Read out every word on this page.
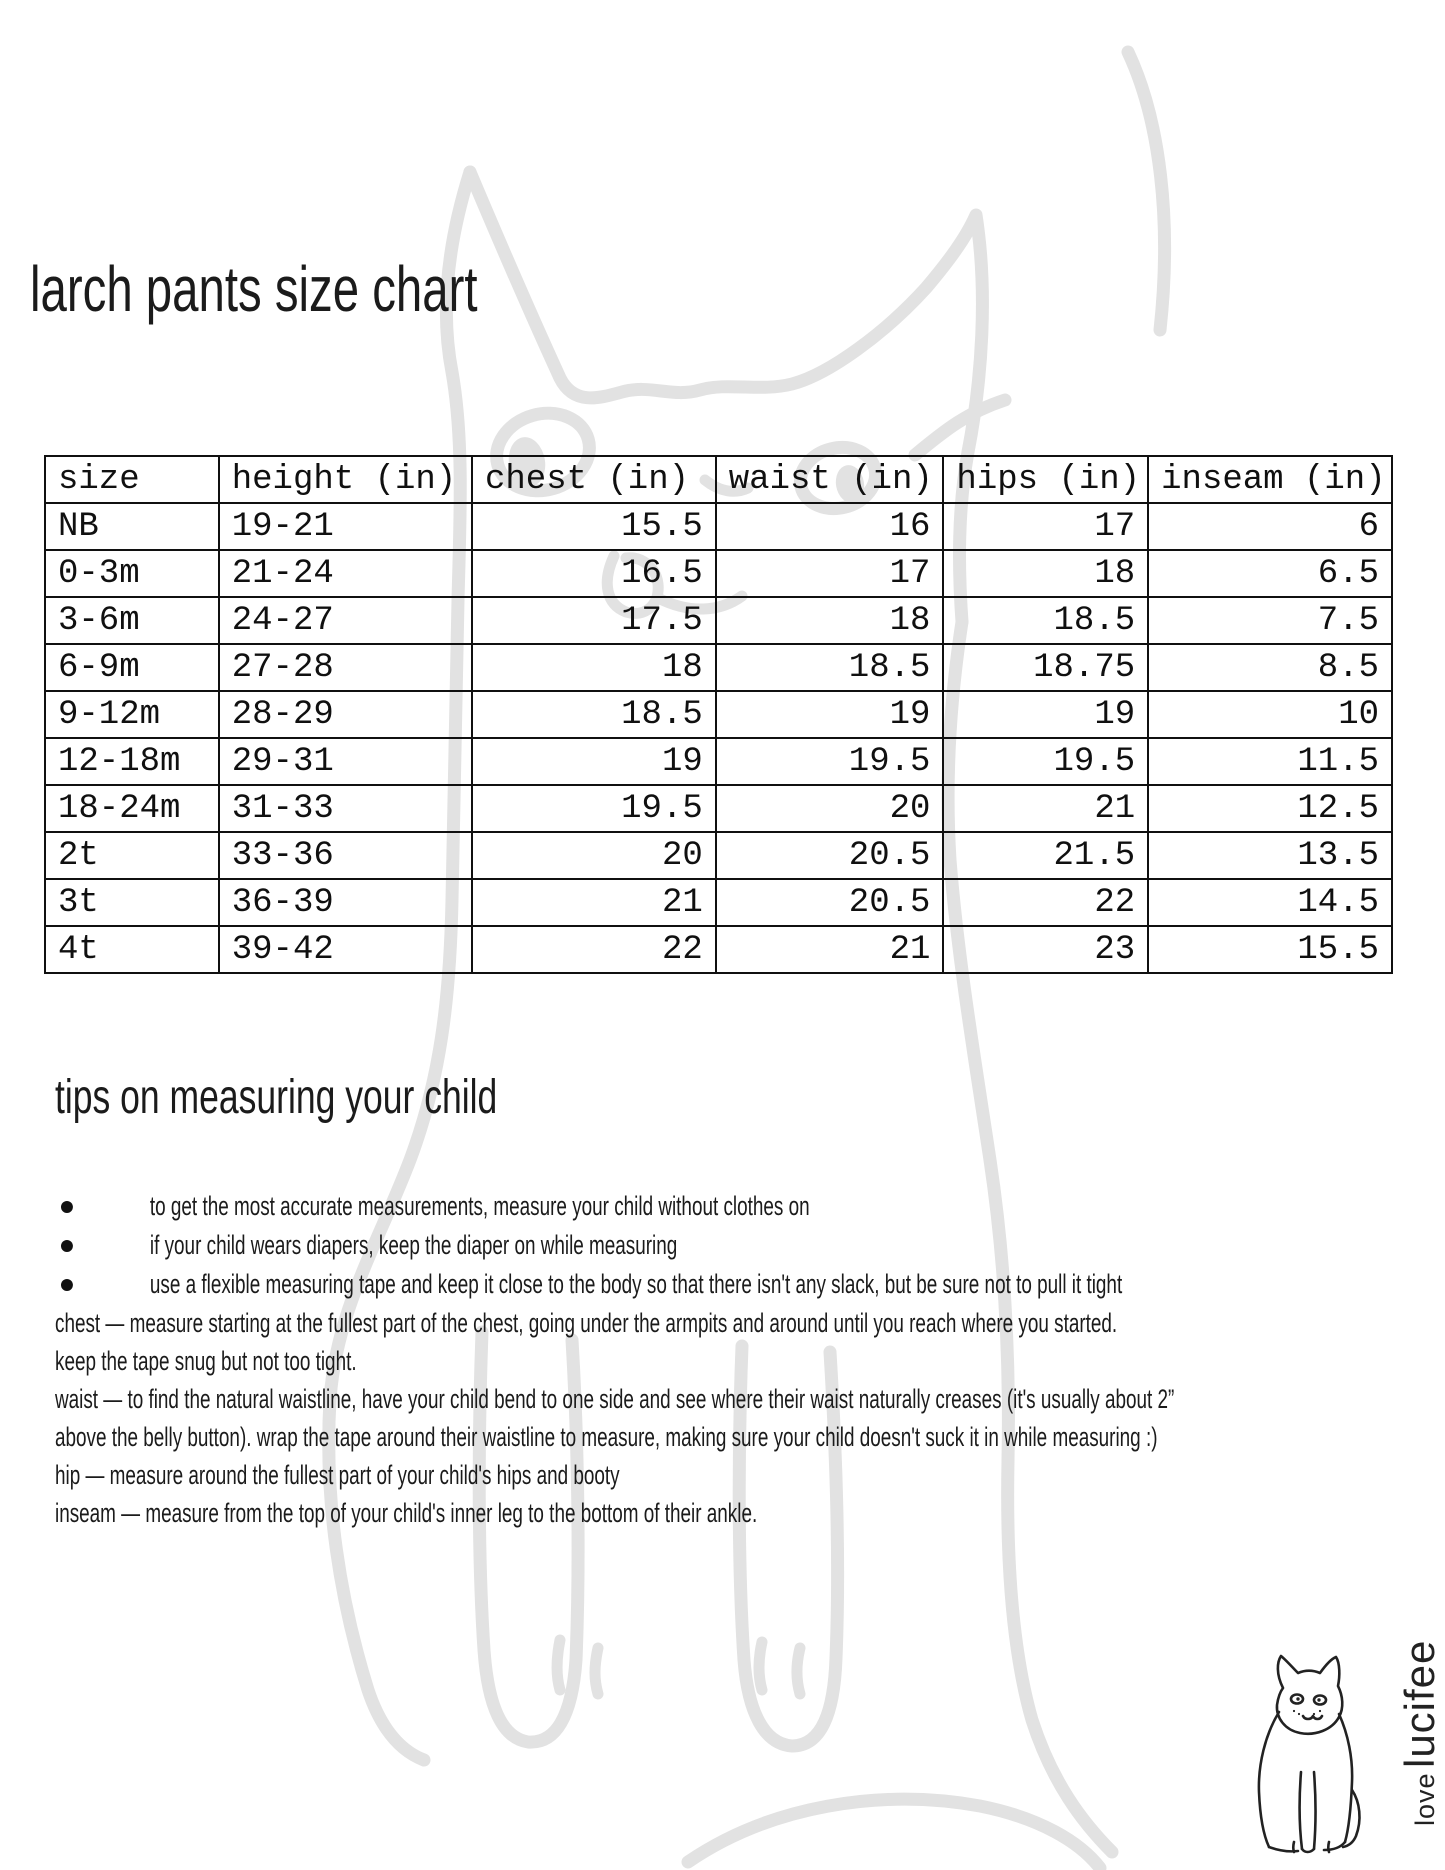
larch pants size chart
size	height (in)	chest (in)	waist (in)	hips (in)	inseam (in)
NB	19-21	15.5	16	17	6
0-3m	21-24	16.5	17	18	6.5
3-6m	24-27	17.5	18	18.5	7.5
6-9m	27-28	18	18.5	18.75	8.5
9-12m	28-29	18.5	19	19	10
12-18m	29-31	19	19.5	19.5	11.5
18-24m	31-33	19.5	20	21	12.5
2t	33-36	20	20.5	21.5	13.5
3t	36-39	21	20.5	22	14.5
4t	39-42	22	21	23	15.5
tips on measuring your child
to get the most accurate measurements, measure your child without clothes on
if your child wears diapers, keep the diaper on while measuring
use a flexible measuring tape and keep it close to the body so that there isn't any slack, but be sure not to pull it tight

chest — measure starting at the fullest part of the chest, going under the armpits and around until you reach where you started.
keep the tape snug but not too tight.

waist — to find the natural waistline, have your child bend to one side and see where their waist naturally creases (it's usually about 2”
above the belly button). wrap the tape around their waistline to measure, making sure your child doesn't suck it in while measuring :)

hip — measure around the fullest part of your child's hips and booty

inseam — measure from the top of your child's inner leg to the bottom of their ankle.

love lucifee
